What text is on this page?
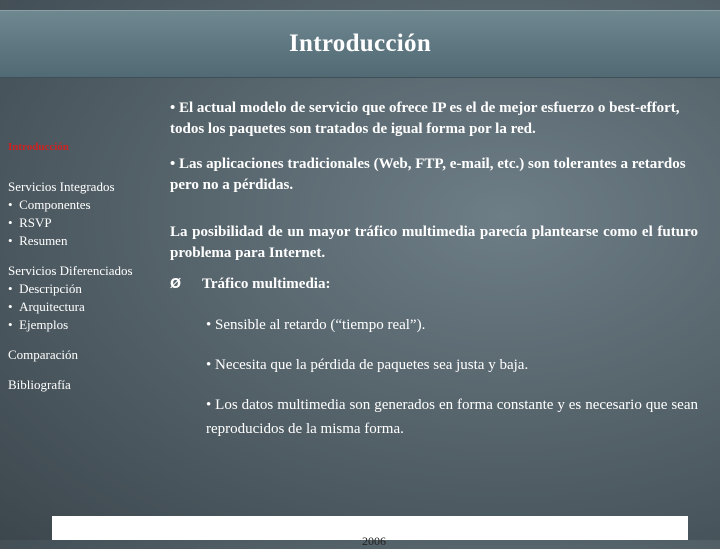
Introducción
Introducción
Servicios Integrados
•  Componentes
•  RSVP
•  Resumen
Servicios Diferenciados
•  Descripción
•  Arquitectura
•  Ejemplos
Comparación
Bibliografía

• El actual modelo de servicio que ofrece IP es el de mejor esfuerzo o best-effort, todos los paquetes son tratados de igual forma por la red.

• Las aplicaciones tradicionales (Web, FTP, e-mail, etc.) son tolerantes a retardos pero no a pérdidas.

La posibilidad de un mayor tráfico multimedia parecía plantearse como el futuro problema para Internet.

Ø	Tráfico multimedia:

• Sensible al retardo (“tiempo real”).

• Necesita que la pérdida de paquetes sea justa y baja.

• Los datos multimedia son generados en forma constante y es necesario que sean reproducidos de la misma forma.

2006
